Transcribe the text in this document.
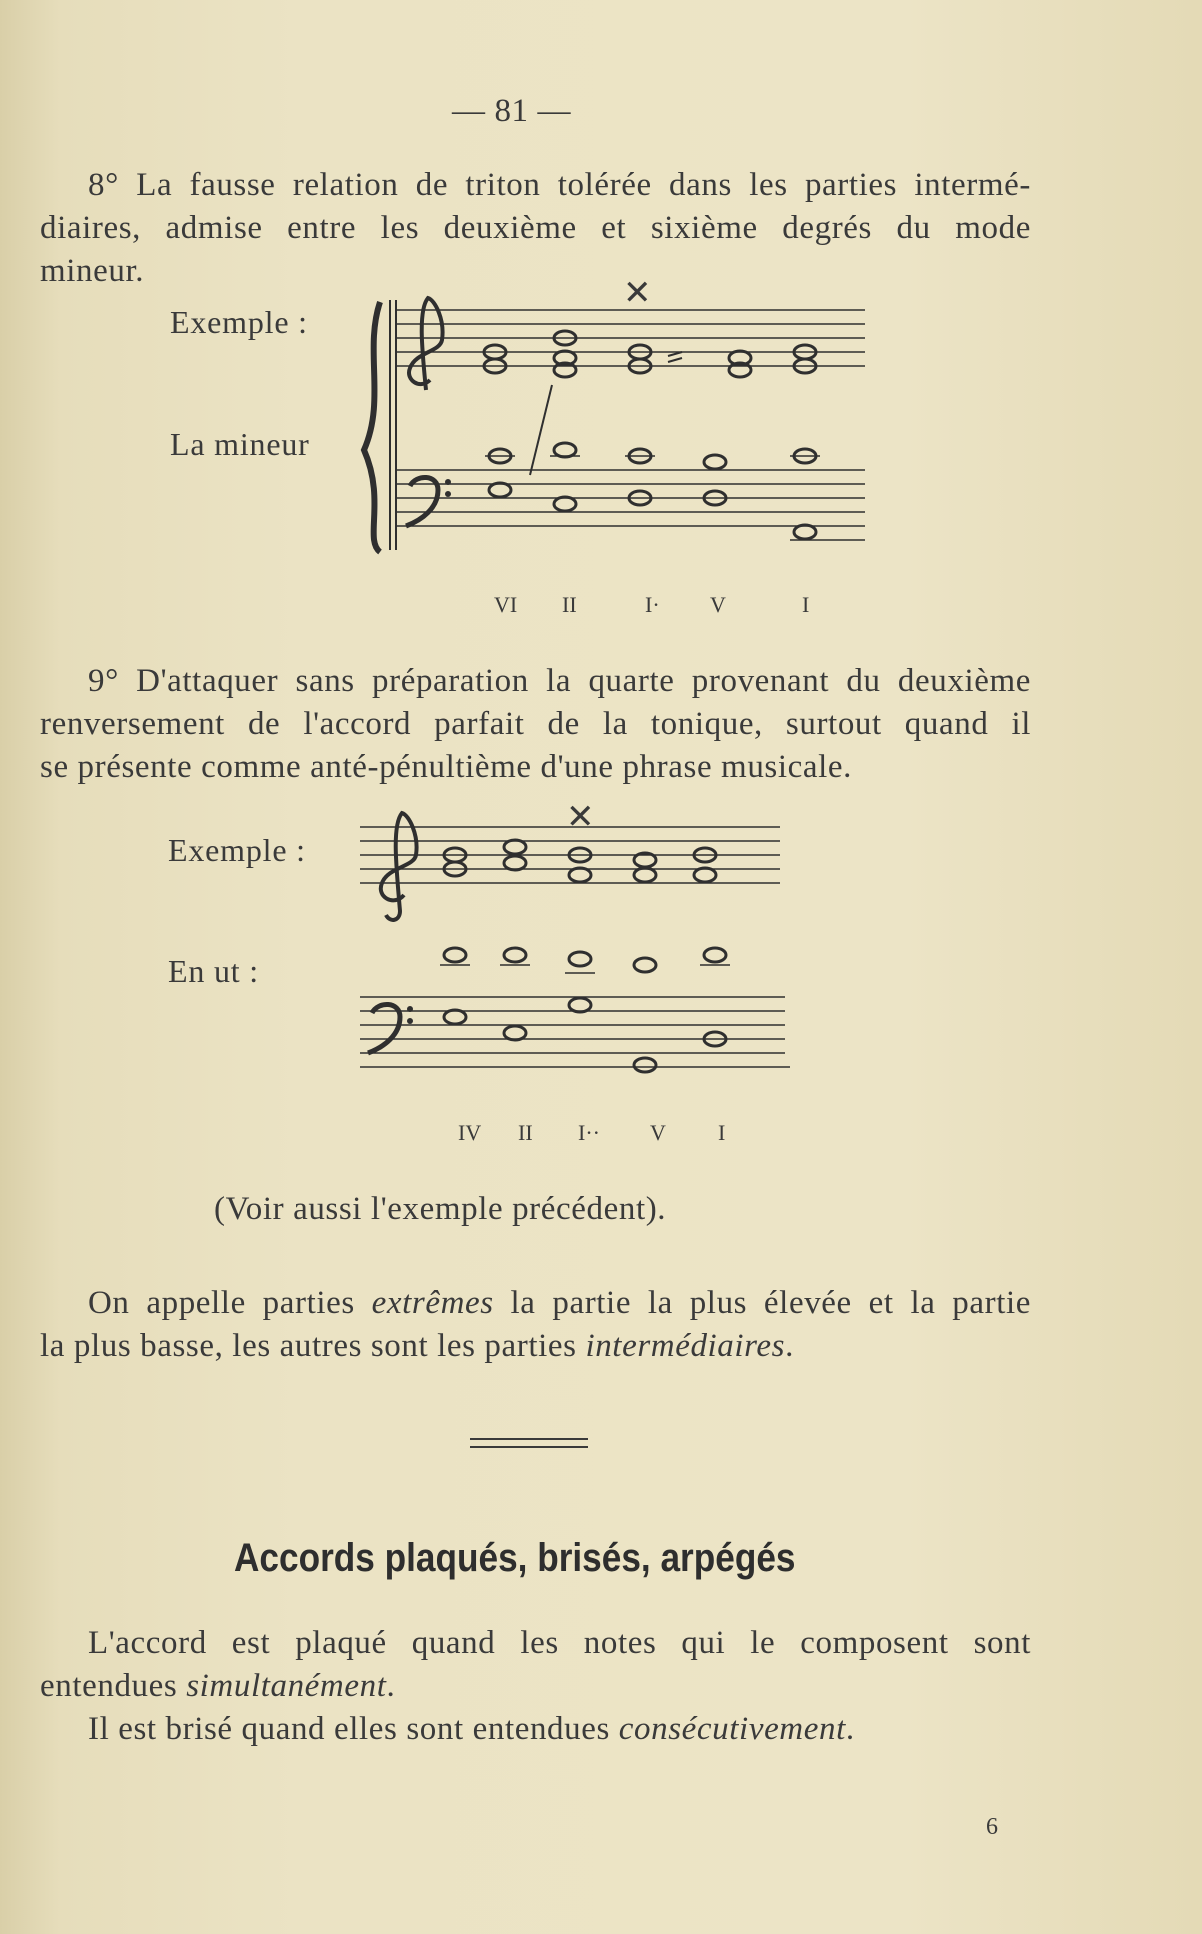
— 81 —
8° La fausse relation de triton tolérée dans les parties intermé-
diaires, admise entre les deuxième et sixième degrés du mode
mineur.
Exemple :
La mineur
✕
VI II	I· V	I
9° D'attaquer sans préparation la quarte provenant du deuxième
renversement de l'accord parfait de la tonique, surtout quand il
se présente comme anté-pénultième d'une phrase musicale.
Exemple :
En ut :
✕
IV II I·· V I
(Voir aussi l'exemple précédent).
On appelle parties extrêmes la partie la plus élevée et la partie
la plus basse, les autres sont les parties intermédiaires.
Accords plaqués, brisés, arpégés
L'accord est plaqué quand les notes qui le composent sont
entendues simultanément.
Il est brisé quand elles sont entendues consécutivement.
6
